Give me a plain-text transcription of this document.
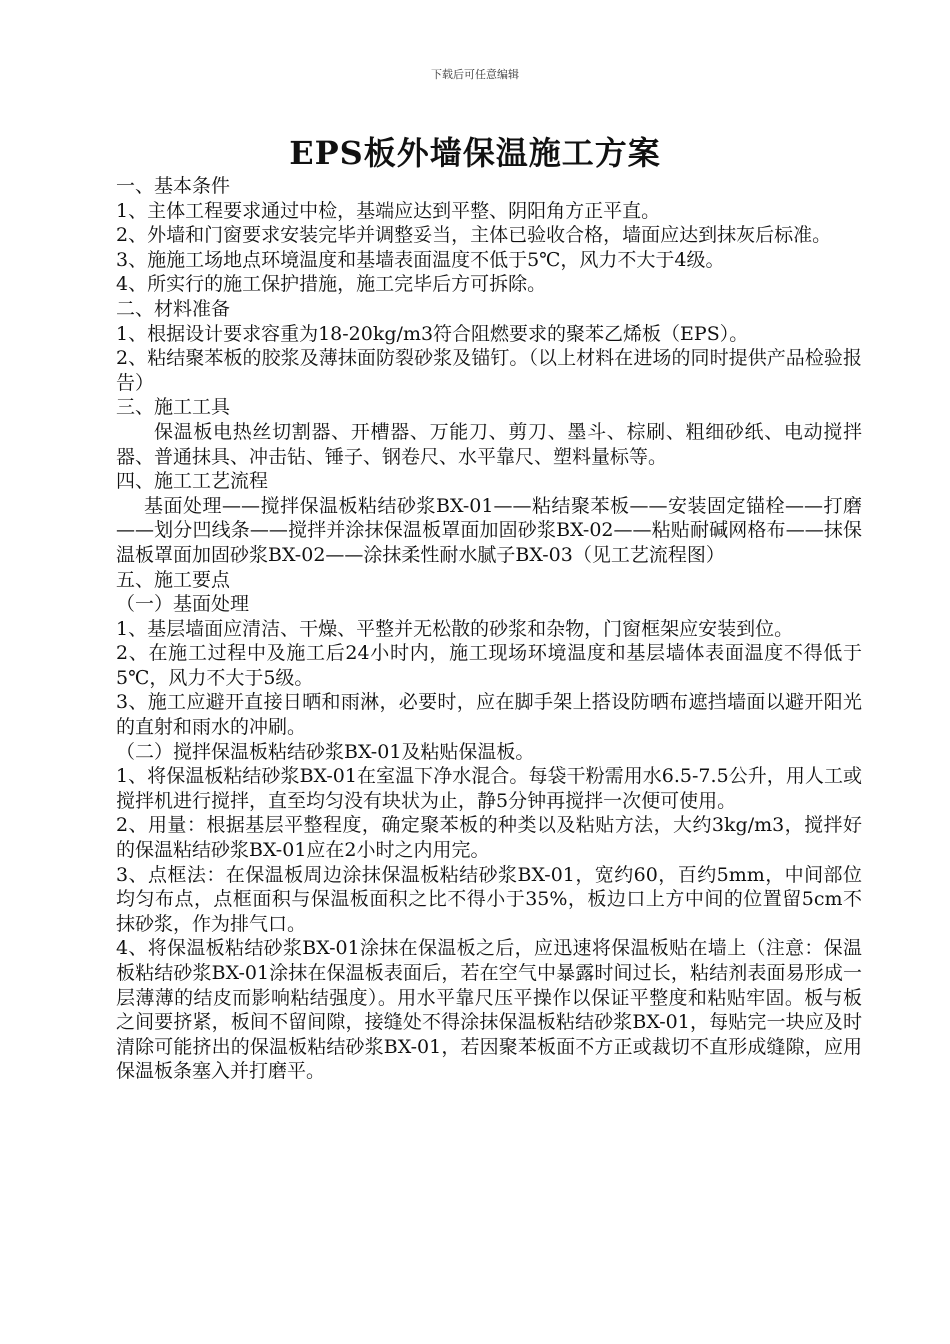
下载后可任意编辑
EPS板外墙保温施工方案

一、基本条件

1、主体工程要求通过中检，基端应达到平整、阴阳角方正平直。

2、外墙和门窗要求安装完毕并调整妥当，主体已验收合格，墙面应达到抹灰后标准。

3、施施工场地点环境温度和基墙表面温度不低于5℃，风力不大于4级。

4、所实行的施工保护措施，施工完毕后方可拆除。

二、材料准备

1、根据设计要求容重为18-20kg/m3符合阻燃要求的聚苯乙烯板（EPS）。

2、粘结聚苯板的胶浆及薄抹面防裂砂浆及锚钉。（以上材料在进场的同时提供产品检验报告）

三、施工工具

保温板电热丝切割器、开槽器、万能刀、剪刀、墨斗、棕刷、粗细砂纸、电动搅拌器、普通抹具、冲击钻、锤子、钢卷尺、水平靠尺、塑料量标等。

四、施工工艺流程

基面处理——搅拌保温板粘结砂浆BX-01——粘结聚苯板——安装固定锚栓——打磨——划分凹线条——搅拌并涂抹保温板罩面加固砂浆BX-02——粘贴耐碱网格布——抹保温板罩面加固砂浆BX-02——涂抹柔性耐水腻子BX-03（见工艺流程图）

五、施工要点

（一）基面处理

1、基层墙面应清洁、干燥、平整并无松散的砂浆和杂物，门窗框架应安装到位。

2、在施工过程中及施工后24小时内，施工现场环境温度和基层墙体表面温度不得低于5℃，风力不大于5级。

3、施工应避开直接日晒和雨淋，必要时，应在脚手架上搭设防晒布遮挡墙面以避开阳光的直射和雨水的冲刷。

（二）搅拌保温板粘结砂浆BX-01及粘贴保温板。

1、将保温板粘结砂浆BX-01在室温下净水混合。每袋干粉需用水6.5-7.5公升，用人工或搅拌机进行搅拌，直至均匀没有块状为止，静5分钟再搅拌一次便可使用。

2、用量：根据基层平整程度，确定聚苯板的种类以及粘贴方法，大约3kg/m3，搅拌好的保温粘结砂浆BX-01应在2小时之内用完。

3、点框法：在保温板周边涂抹保温板粘结砂浆BX-01，宽约60，百约5mm，中间部位均匀布点，点框面积与保温板面积之比不得小于35%，板边口上方中间的位置留5cm不抹砂浆，作为排气口。

4、将保温板粘结砂浆BX-01涂抹在保温板之后，应迅速将保温板贴在墙上（注意：保温板粘结砂浆BX-01涂抹在保温板表面后，若在空气中暴露时间过长，粘结剂表面易形成一层薄薄的结皮而影响粘结强度）。用水平靠尺压平操作以保证平整度和粘贴牢固。板与板之间要挤紧，板间不留间隙，接缝处不得涂抹保温板粘结砂浆BX-01，每贴完一块应及时清除可能挤出的保温板粘结砂浆BX-01，若因聚苯板面不方正或裁切不直形成缝隙，应用保温板条塞入并打磨平。
